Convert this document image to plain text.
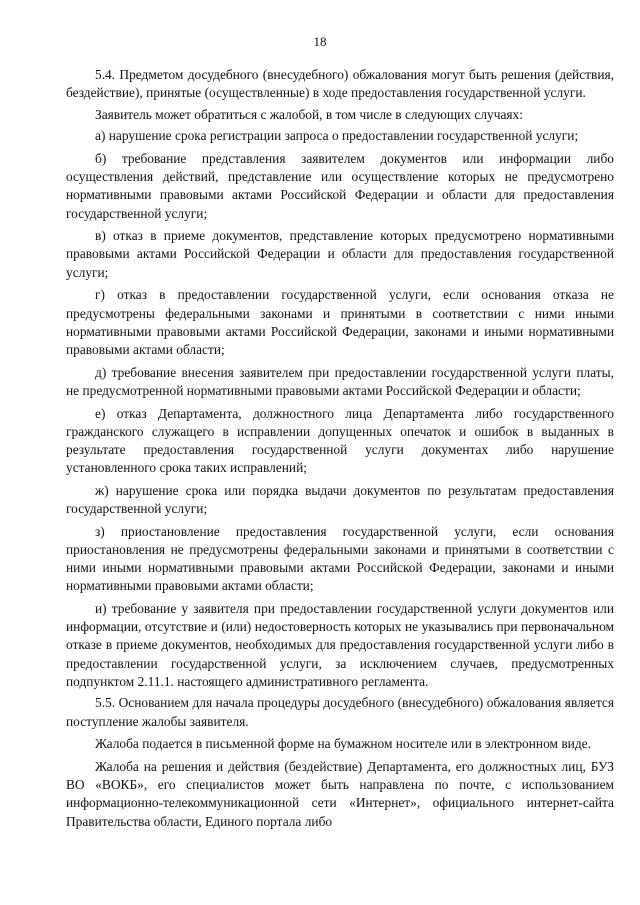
18

5.4. Предметом досудебного (внесудебного) обжалования могут быть решения (действия, бездействие), принятые (осуществленные) в ходе предоставления государственной услуги.

Заявитель может обратиться с жалобой, в том числе в следующих случаях:

а) нарушение срока регистрации запроса о предоставлении государственной услуги;

б) требование представления заявителем документов или информации либо осуществления действий, представление или осуществление которых не предусмотрено нормативными правовыми актами Российской Федерации и области для предоставления государственной услуги;

в) отказ в приеме документов, представление которых предусмотрено нормативными правовыми актами Российской Федерации и области для предоставления государственной услуги;

г) отказ в предоставлении государственной услуги, если основания отказа не предусмотрены федеральными законами и принятыми в соответствии с ними иными нормативными правовыми актами Российской Федерации, законами и иными нормативными правовыми актами области;

д) требование внесения заявителем при предоставлении государственной услуги платы, не предусмотренной нормативными правовыми актами Российской Федерации и области;

е) отказ Департамента, должностного лица Департамента либо государственного гражданского служащего в исправлении допущенных опечаток и ошибок в выданных в результате предоставления государственной услуги документах либо нарушение установленного срока таких исправлений;

ж) нарушение срока или порядка выдачи документов по результатам предоставления государственной услуги;

з) приостановление предоставления государственной услуги, если основания приостановления не предусмотрены федеральными законами и принятыми в соответствии с ними иными нормативными правовыми актами Российской Федерации, законами и иными нормативными правовыми актами области;

и) требование у заявителя при предоставлении государственной услуги документов или информации, отсутствие и (или) недостоверность которых не указывались при первоначальном отказе в приеме документов, необходимых для предоставления государственной услуги либо в предоставлении государственной услуги, за исключением случаев, предусмотренных подпунктом 2.11.1. настоящего административного регламента.

5.5. Основанием для начала процедуры досудебного (внесудебного) обжалования является поступление жалобы заявителя.

Жалоба подается в письменной форме на бумажном носителе или в электронном виде.

Жалоба на решения и действия (бездействие) Департамента, его должностных лиц, БУЗ ВО «ВОКБ», его специалистов может быть направлена по почте, с использованием информационно-телекоммуникационной сети «Интернет», официального интернет-сайта Правительства области, Единого портала либо
